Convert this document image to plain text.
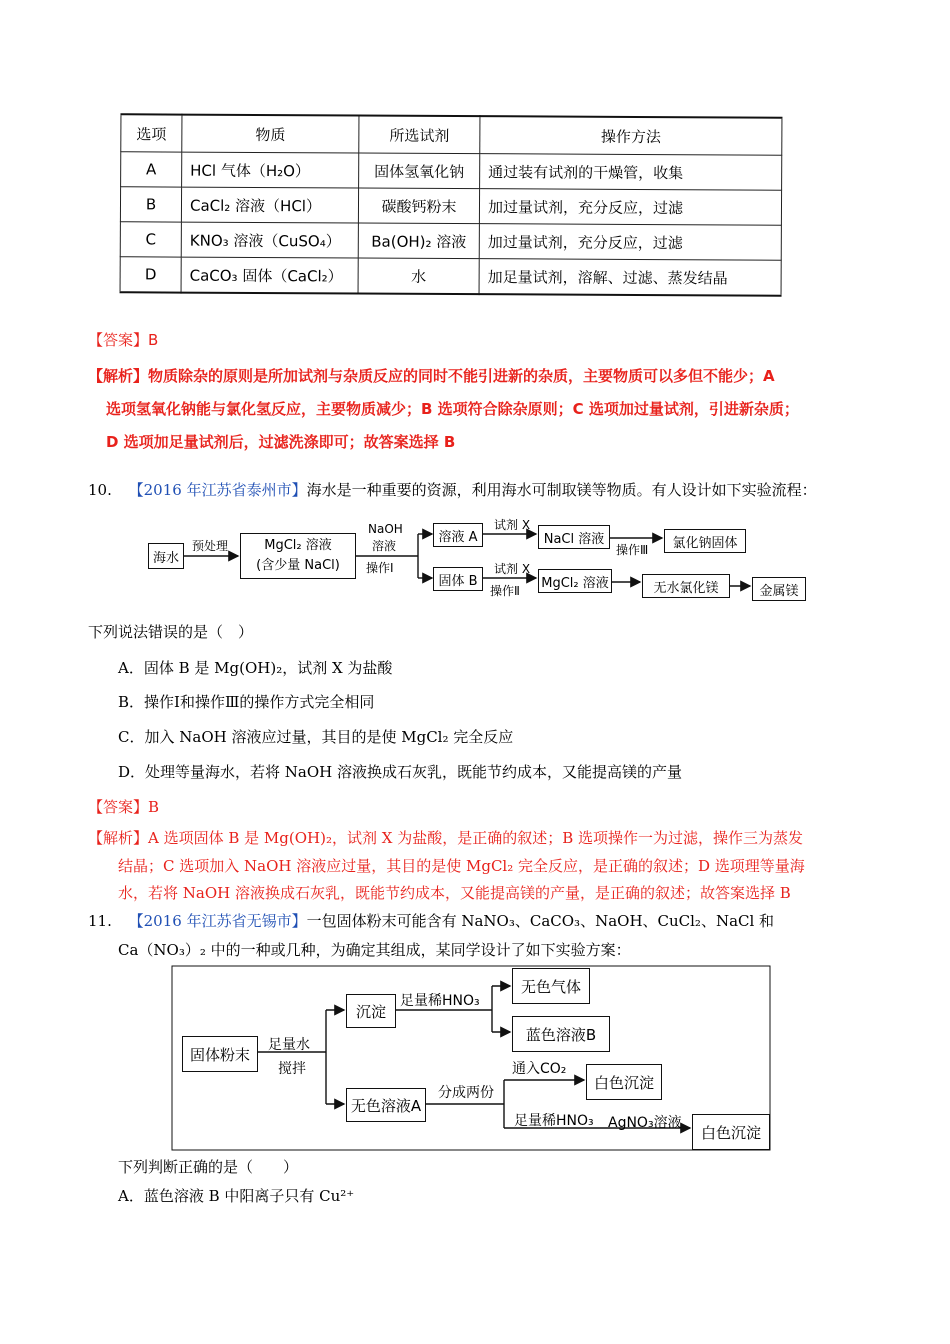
选项	物质	所选试剂	操作方法
A	HCl 气体（H₂O）	固体氢氧化钠	通过装有试剂的干燥管，收集
B	CaCl₂ 溶液（HCl）	碳酸钙粉末	加过量试剂，充分反应，过滤
C	KNO₃ 溶液（CuSO₄）	Ba(OH)₂ 溶液	加过量试剂，充分反应，过滤
D	CaCO₃ 固体（CaCl₂）	水	加足量试剂，溶解、过滤、蒸发结晶
【答案】B
【解析】物质除杂的原则是所加试剂与杂质反应的同时不能引进新的杂质，主要物质可以多但不能少；A
选项氢氧化钠能与氯化氢反应，主要物质减少；B 选项符合除杂原则；C 选项加过量试剂，引进新杂质；
D 选项加足量试剂后，过滤洗涤即可；故答案选择 B
10. 【2016 年江苏省泰州市】海水是一种重要的资源，利用海水可制取镁等物质。有人设计如下实验流程：
海水
预处理	MgCl₂ 溶液
(含少量 NaCl)
NaOH
溶液
操作Ⅰ
溶液 A
固体 B
试剂 X
试剂 X
操作Ⅱ
NaCl 溶液
MgCl₂ 溶液
操作Ⅲ	氯化钠固体
无水氯化镁	金属镁
下列说法错误的是（　）
A．固体 B 是 Mg(OH)₂，试剂 X 为盐酸
B．操作Ⅰ和操作Ⅲ的操作方式完全相同
C．加入 NaOH 溶液应过量，其目的是使 MgCl₂ 完全反应
D．处理等量海水，若将 NaOH 溶液换成石灰乳，既能节约成本，又能提高镁的产量
【答案】B
【解析】A 选项固体 B 是 Mg(OH)₂，试剂 X 为盐酸，是正确的叙述；B 选项操作一为过滤，操作三为蒸发
结晶；C 选项加入 NaOH 溶液应过量，其目的是使 MgCl₂ 完全反应，是正确的叙述；D 选项理等量海
水，若将 NaOH 溶液换成石灰乳，既能节约成本，又能提高镁的产量，是正确的叙述；故答案选择 B
11. 【2016 年江苏省无锡市】一包固体粉末可能含有 NaNO₃、CaCO₃、NaOH、CuCl₂、NaCl 和
Ca（NO₃）₂ 中的一种或几种，为确定其组成，某同学设计了如下实验方案：
固体粉末
足量水
搅拌
沉淀
足量稀HNO₃
无色气体
蓝色溶液B
无色溶液A
分成两份
通入CO₂
白色沉淀
足量稀HNO₃ AgNO₃溶液
白色沉淀
下列判断正确的是（　　）
A．蓝色溶液 B 中阳离子只有 Cu²⁺
